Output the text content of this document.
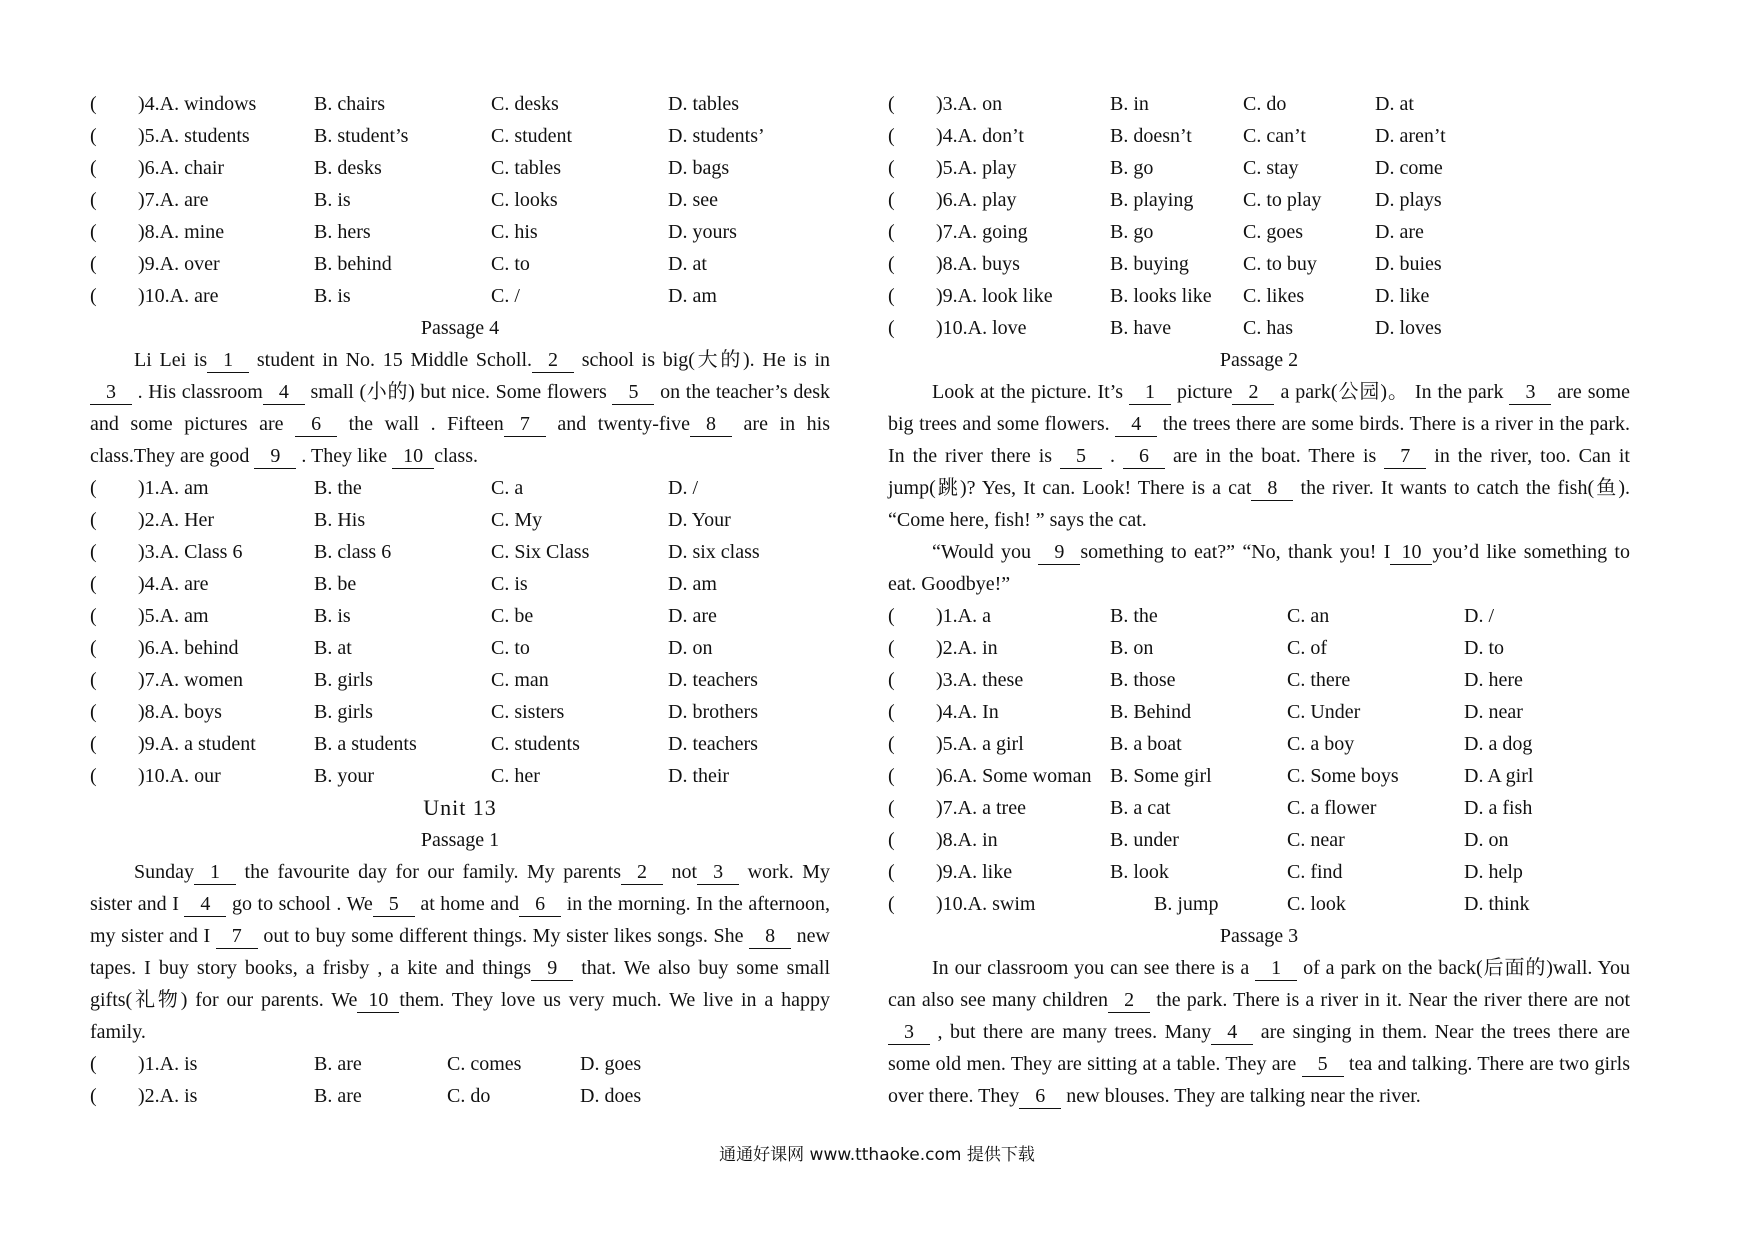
(	)4.A. windows	B. chairs	C. desks	D. tables
(	)5.A. students	B. student’s	C. student	D. students’
(	)6.A. chair	B. desks	C. tables	D. bags
(	)7.A. are	B. is	C. looks	D. see
(	)8.A. mine	B. hers	C. his	D. yours
(	)9.A. over	B. behind	C. to	D. at
(	)10.A. are	B. is	C. /	D. am
Passage 4

Li Lei is 1 student in No. 15 Middle Scholl. 2 school is big(大的). He is in 3 . His classroom 4 small (小的) but nice. Some flowers 5 on the teacher’s desk and some pictures are 6 the wall . Fifteen 7 and twenty-five 8 are in his class.They are good 9 . They like 10 class.

(	)1.A. am	B. the	C. a	D. /
(	)2.A. Her	B. His	C. My	D. Your
(	)3.A. Class 6	B. class 6	C. Six Class	D. six class
(	)4.A. are	B. be	C. is	D. am
(	)5.A. am	B. is	C. be	D. are
(	)6.A. behind	B. at	C. to	D. on
(	)7.A. women	B. girls	C. man	D. teachers
(	)8.A. boys	B. girls	C. sisters	D. brothers
(	)9.A. a student	B. a students	C. students	D. teachers
(	)10.A. our	B. your	C. her	D. their
Unit 13
Passage 1

Sunday 1 the favourite day for our family. My parents 2 not 3 work. My sister and I 4 go to school . We 5 at home and 6 in the morning. In the afternoon, my sister and I 7 out to buy some different things. My sister likes songs. She 8 new tapes. I buy story books, a frisby , a kite and things 9 that. We also buy some small gifts(礼物) for our parents. We 10 them. They love us very much. We live in a happy family.

(	)1.A. is	B. are	C. comes	D. goes
(	)2.A. is	B. are	C. do	D. does
(	)3.A. on	B. in	C. do	D. at
(	)4.A. don’t	B. doesn’t	C. can’t	D. aren’t
(	)5.A. play	B. go	C. stay	D. come
(	)6.A. play	B. playing	C. to play	D. plays
(	)7.A. going	B. go	C. goes	D. are
(	)8.A. buys	B. buying	C. to buy	D. buies
(	)9.A. look like	B. looks like	C. likes	D. like
(	)10.A. love	B. have	C. has	D. loves
Passage 2

Look at the picture. It’s 1 picture 2 a park(公园)。 In the park 3 are some big trees and some flowers. 4 the trees there are some birds. There is a river in the park. In the river there is 5 . 6 are in the boat. There is 7 in the river, too. Can it jump(跳)? Yes, It can. Look! There is a cat 8 the river. It wants to catch the fish(鱼). “Come here, fish! ” says the cat.

“Would you 9 something to eat?” “No, thank you! I 10 you’d like something to eat. Goodbye!”

(	)1.A. a	B. the	C. an	D. /
(	)2.A. in	B. on	C. of	D. to
(	)3.A. these	B. those	C. there	D. here
(	)4.A. In	B. Behind	C. Under	D. near
(	)5.A. a girl	B. a boat	C. a boy	D. a dog
(	)6.A. Some woman B. Some girl	C. Some boys	D. A girl
(	)7.A. a tree	B. a cat	C. a flower	D. a fish
(	)8.A. in	B. under	C. near	D. on
(	)9.A. like	B. look	C. find	D. help
(	)10.A. swim	B. jump	C. look	D. think
Passage 3

In our classroom you can see there is a 1 of a park on the back(后面的)wall. You can also see many children 2 the park. There is a river in it. Near the river there are not3 , but there are many trees. Many 4 are singing in them. Near the trees there are some old men. They are sitting at a table. They are 5 tea and talking. There are two girls over there. They 6 new blouses. They are talking near the river.

通通好课网 www.tthaoke.com 提供下载
